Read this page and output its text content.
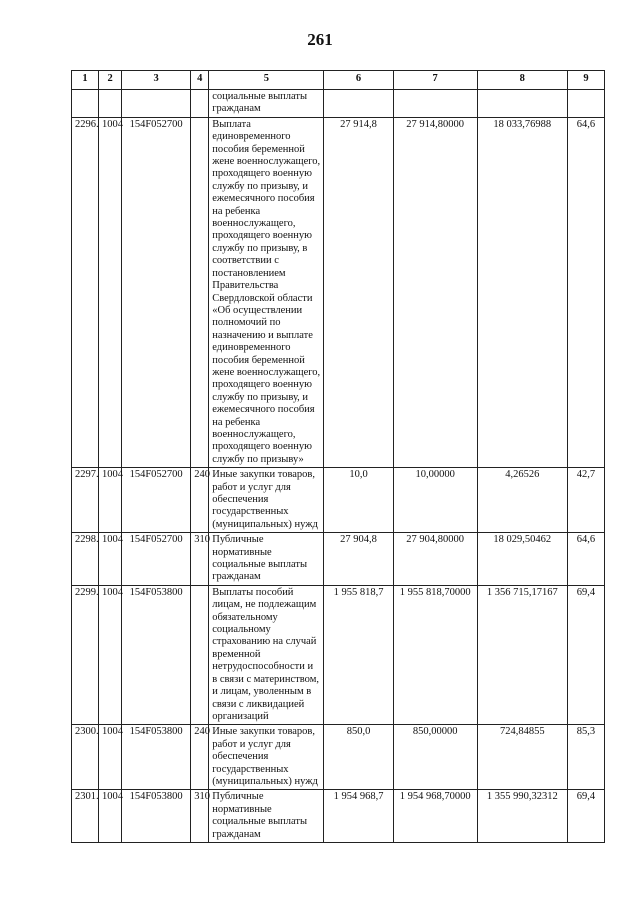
261
1	2	3	4	5	6	7	8	9
				социальные выплаты гражданам				
2296.	1004	154F052700		Выплата единовременного пособия беременной жене военнослужащего, проходящего военную службу по призыву, и ежемесячного пособия на ребенка военнослужащего, проходящего военную службу по призыву, в соответствии с постановлением Правительства Свердловской области «Об осуществлении полномочий по назначению и выплате единовременного пособия беременной жене военнослужащего, проходящего военную службу по призыву, и ежемесячного пособия на ребенка военнослужащего, проходящего военную службу по призыву»	27 914,8	27 914,80000	18 033,76988	64,6
2297.	1004	154F052700	240	Иные закупки товаров, работ и услуг для обеспечения государственных (муниципальных) нужд	10,0	10,00000	4,26526	42,7
2298.	1004	154F052700	310	Публичные нормативные социальные выплаты гражданам	27 904,8	27 904,80000	18 029,50462	64,6
2299.	1004	154F053800		Выплаты пособий лицам, не подлежащим обязательному социальному страхованию на случай временной нетрудоспособности и в связи с материнством, и лицам, уволенным в связи с ликвидацией организаций	1 955 818,7	1 955 818,70000	1 356 715,17167	69,4
2300.	1004	154F053800	240	Иные закупки товаров, работ и услуг для обеспечения государственных (муниципальных) нужд	850,0	850,00000	724,84855	85,3
2301.	1004	154F053800	310	Публичные нормативные социальные выплаты гражданам	1 954 968,7	1 954 968,70000	1 355 990,32312	69,4
